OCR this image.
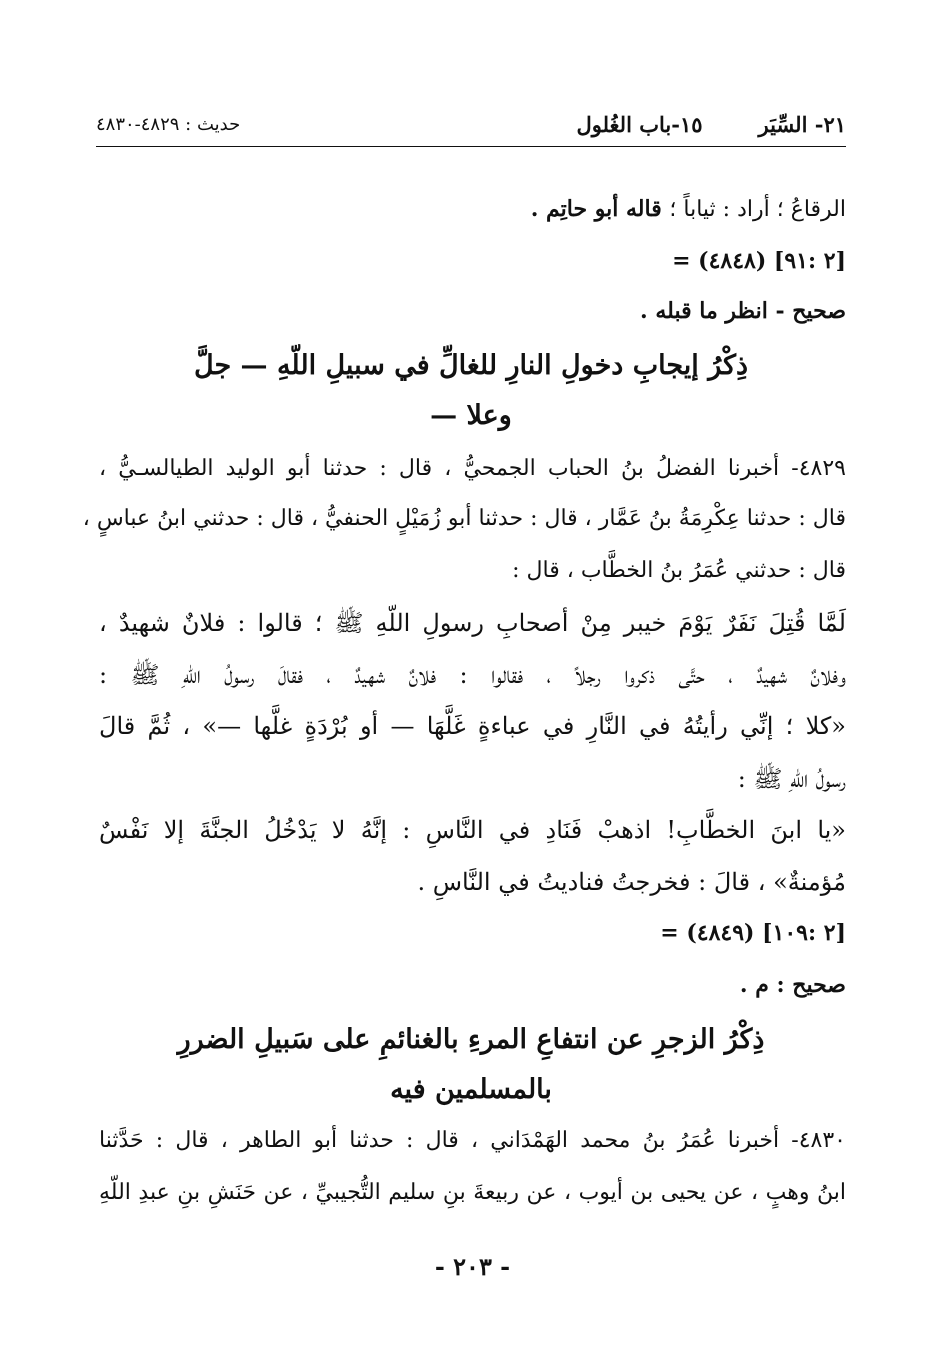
٢١- السِّيَر١٥-باب الغُلول
حديث : ٤٨٢٩-٤٨٣٠
الرقاعُ ؛ أراد : ثياباً ؛ قاله أبو حاتِم .
= (٤٨٤٨) [٢ :٩١]
صحيح - انظر ما قبله .
ذِكْرُ إيجابِ دخولِ النارِ للغالِّ في سبيلِ اللّهِ — جلَّ
وعلا —
٤٨٢٩- أخبرنا الفضلُ بنُ الحباب الجمحيُّ ، قال : حدثنا أبو الوليد الطيالسـيُّ ،
قال : حدثنا عِكْرِمَةُ بنُ عَمَّار ، قال : حدثنا أبو زُمَيْلٍ الحنفيُّ ، قال : حدثني ابنُ عباسٍ ،
قال : حدثني عُمَرُ بنُ الخطَّاب ، قال :
لَمَّا قُتِلَ نَفَرٌ يَوْمَ خيبر مِنْ أصحابِ رسولِ اللّهِ ﷺ ؛ قالوا : فلانٌ شهيدٌ ،
وفلانٌ شهيدٌ ، حتَّى ذكروا رجلاً ، فقالوا : فلانٌ شهيدٌ ، فقالَ رسولُ اللّهِ ﷺ :
«كلا ؛ إنِّي رأيتُهُ في النَّارِ في عباءةٍ غَلَّهَا — أو بُرْدَةٍ غلَّها —» ، ثُمَّ قالَ
رسولُ اللّهِ ﷺ :
«يا ابنَ الخطَّابِ! اذهبْ فَنَادِ في النَّاسِ : إنَّهُ لا يَدْخُلُ الجنَّةَ إلا نَفْسٌ
مُؤمنةٌ» ، قالَ : فخرجتُ فناديتُ في النَّاسِ .
= (٤٨٤٩) [٢ :١٠٩]
صحيح : م .
ذِكْرُ الزجرِ عن انتفاعِ المرءِ بالغنائمِ على سَبيلِ الضررِ
بالمسلمين فيه
٤٨٣٠- أخبرنا عُمَرُ بنُ محمد الهَمْدَاني ، قال : حدثنا أبو الطاهر ، قال : حَدَّثنا
ابنُ وهبٍ ، عن يحيى بن أيوب ، عن ربيعةَ بنِ سليم التُّجيبيِّ ، عن حَنَشِ بنِ عبدِ اللّهِ
- ٢٠٣ -
